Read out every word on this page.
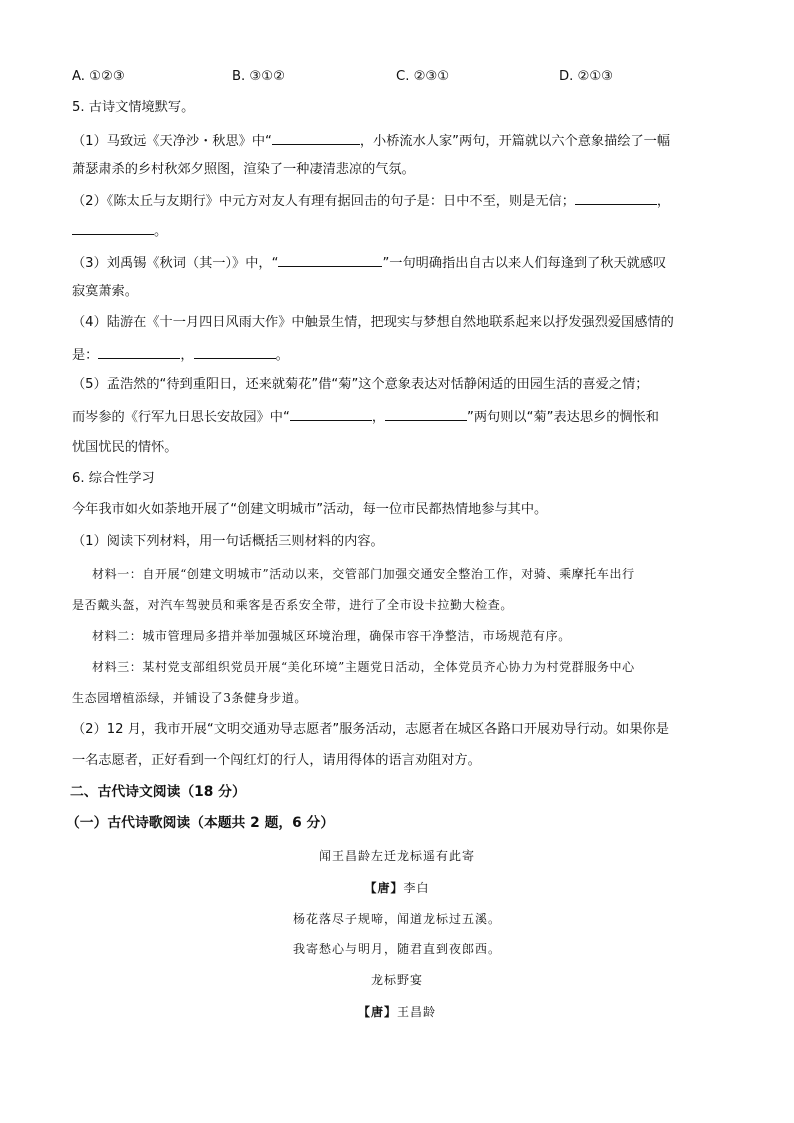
A. ①②③	B. ③①②	C. ②③①	D. ②①③
5. 古诗文情境默写。
（1）马致远《天净沙・秋思》中“	，小桥流水人家”两句，开篇就以六个意象描绘了一幅
萧瑟肃杀的乡村秋郊夕照图，渲染了一种凄清悲凉的气氛。
（2）《陈太丘与友期行》中元方对友人有理有据回击的句子是：日中不至，则是无信；	，
。
（3）刘禹锡《秋词（其一）》中，“	”一句明确指出自古以来人们每逢到了秋天就感叹
寂寞萧索。
（4）陆游在《十一月四日风雨大作》中触景生情，把现实与梦想自然地联系起来以抒发强烈爱国感情的
是：	，	。
（5）孟浩然的“待到重阳日，还来就菊花”借“菊”这个意象表达对恬静闲适的田园生活的喜爱之情；
而岑参的《行军九日思长安故园》中“	，	”两句则以“菊”表达思乡的惆怅和
忧国忧民的情怀。
6. 综合性学习
今年我市如火如荼地开展了“创建文明城市”活动，每一位市民都热情地参与其中。
（1）阅读下列材料，用一句话概括三则材料的内容。
材料一：自开展“创建文明城市”活动以来，交管部门加强交通安全整治工作，对骑、乘摩托车出行
是否戴头盔，对汽车驾驶员和乘客是否系安全带，进行了全市设卡拉勤大检查。
材料二：城市管理局多措并举加强城区环境治理，确保市容干净整洁，市场规范有序。
材料三：某村党支部组织党员开展“美化环境”主题党日活动，全体党员齐心协力为村党群服务中心
生态园增植添绿，并铺设了3条健身步道。
（2）12 月，我市开展“文明交通劝导志愿者”服务活动，志愿者在城区各路口开展劝导行动。如果你是
一名志愿者，正好看到一个闯红灯的行人，请用得体的语言劝阻对方。
二、古代诗文阅读（18 分）
（一）古代诗歌阅读（本题共 2 题，6 分）
闻王昌龄左迁龙标遥有此寄
【唐】李白
杨花落尽子规啼，闻道龙标过五溪。
我寄愁心与明月，随君直到夜郎西。
龙标野宴
【唐】王昌龄
